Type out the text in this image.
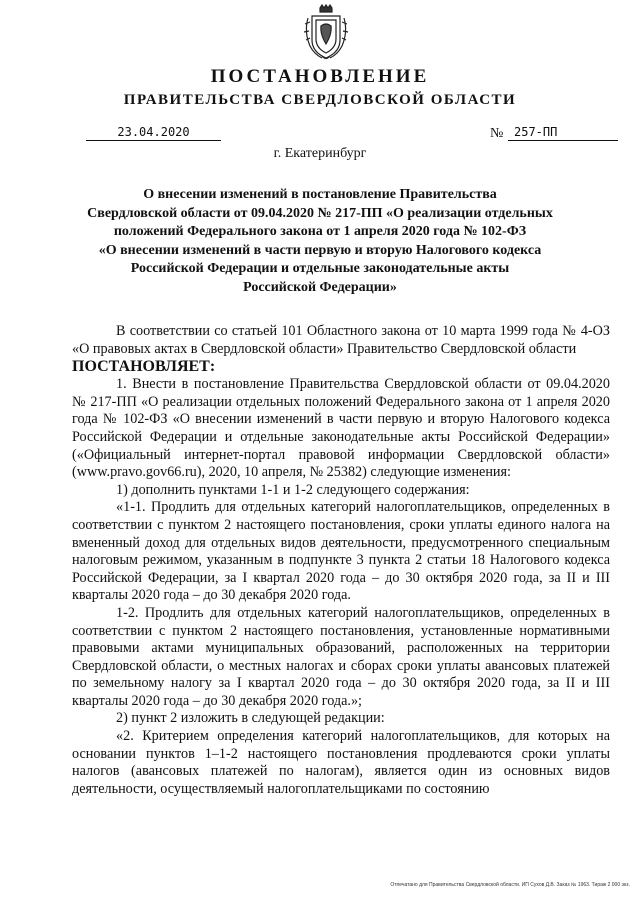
ПОСТАНОВЛЕНИЕ
ПРАВИТЕЛЬСТВА СВЕРДЛОВСКОЙ ОБЛАСТИ
23.04.2020	№ 257-ПП
г. Екатеринбург
О внесении изменений в постановление Правительства
Свердловской области от 09.04.2020 № 217-ПП «О реализации отдельных
положений Федерального закона от 1 апреля 2020 года № 102-ФЗ
«О внесении изменений в части первую и вторую Налогового кодекса
Российской Федерации и отдельные законодательные акты
Российской Федерации»

В соответствии со статьей 101 Областного закона от 10 марта 1999 года № 4-ОЗ «О правовых актах в Свердловской области» Правительство Свердловской области

ПОСТАНОВЛЯЕТ:

1. Внести в постановление Правительства Свердловской области от 09.04.2020 № 217-ПП «О реализации отдельных положений Федерального закона от 1 апреля 2020 года № 102-ФЗ «О внесении изменений в части первую и вторую Налогового кодекса Российской Федерации и отдельные законодательные акты Российской Федерации» («Официальный интернет-портал правовой информации Свердловской области» (www.pravo.gov66.ru), 2020, 10 апреля, № 25382) следующие изменения:

1) дополнить пунктами 1-1 и 1-2 следующего содержания:

«1-1. Продлить для отдельных категорий налогоплательщиков, определенных в соответствии с пунктом 2 настоящего постановления, сроки уплаты единого налога на вмененный доход для отдельных видов деятельности, предусмотренного специальным налоговым режимом, указанным в подпункте 3 пункта 2 статьи 18 Налогового кодекса Российской Федерации, за I квартал 2020 года – до 30 октября 2020 года, за II и III кварталы 2020 года – до 30 декабря 2020 года.

1-2. Продлить для отдельных категорий налогоплательщиков, определенных в соответствии с пунктом 2 настоящего постановления, установленные нормативными правовыми актами муниципальных образований, расположенных на территории Свердловской области, о местных налогах и сборах сроки уплаты авансовых платежей по земельному налогу за I квартал 2020 года – до 30 октября 2020 года, за II и III кварталы 2020 года – до 30 декабря 2020 года.»;

2) пункт 2 изложить в следующей редакции:

«2. Критерием определения категорий налогоплательщиков, для которых на основании пунктов 1–1-2 настоящего постановления продлеваются сроки уплаты налогов (авансовых платежей по налогам), является один из основных видов деятельности, осуществляемый налогоплательщиками по состоянию

Отпечатано для Правительства Свердловской области. ИП Сухов Д.В. Заказ № 1963. Тираж 2 000 экз.
